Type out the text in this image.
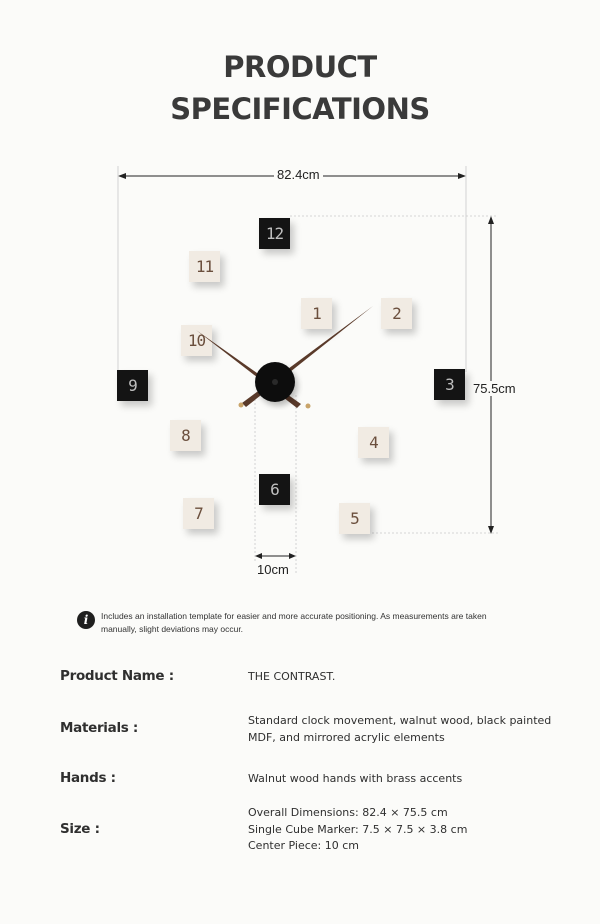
PRODUCT
SPECIFICATIONS
82.4cm
75.5cm
10cm
12
11
1	2
10
9	3
8	4
6
7	5
i	Includes an installation template for easier and more accurate positioning. As measurements are taken manually, slight deviations may occur.
Product Name :	THE CONTRAST.
Materials :	Standard clock movement, walnut wood, black painted MDF, and mirrored acrylic elements
Hands :	Walnut wood hands with brass accents
Size :
Overall Dimensions: 82.4 × 75.5 cm
Single Cube Marker: 7.5 × 7.5 × 3.8 cm
Center Piece: 10 cm
